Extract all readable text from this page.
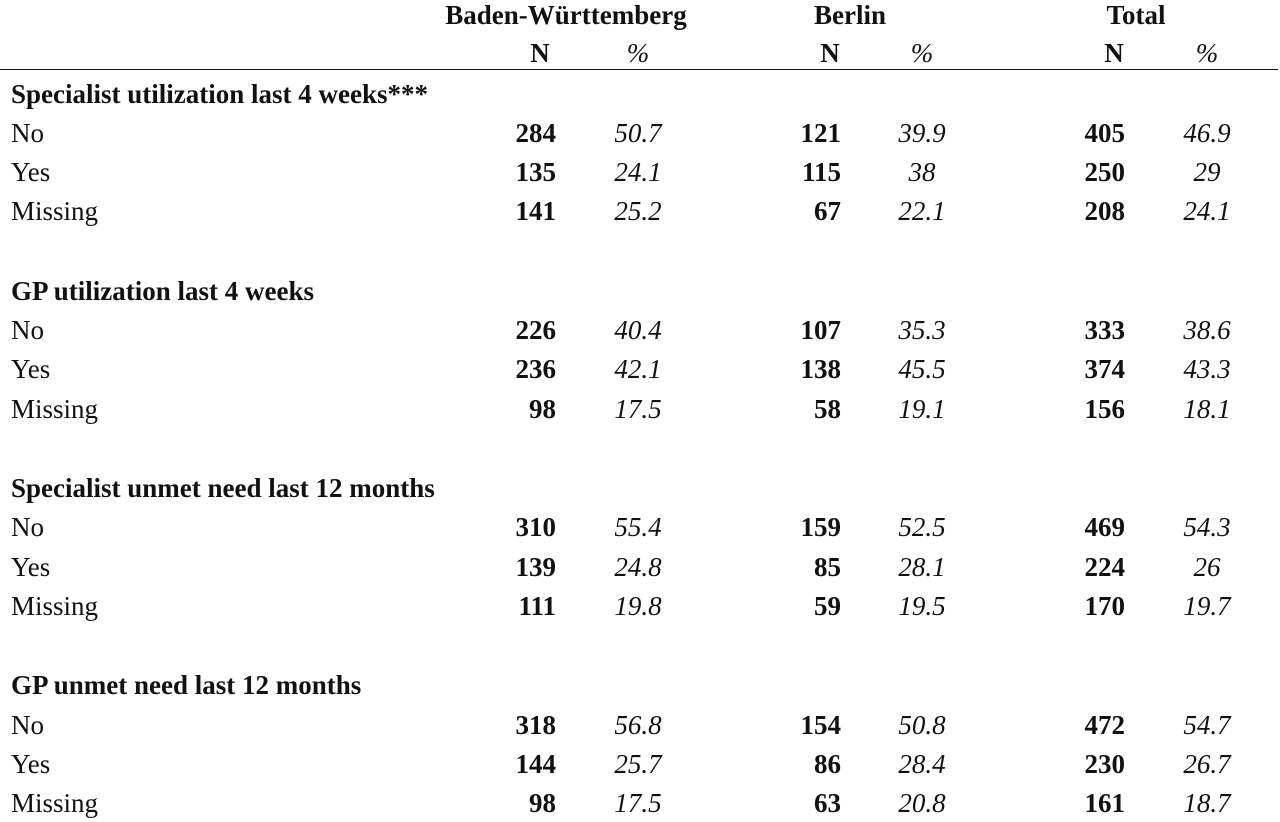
Baden-Württemberg	Berlin	Total
N	%	N	%	N	%
Specialist utilization last 4 weeks***
No	284	50.7	121	39.9	405	46.9
Yes	135	24.1	115	38	250	29
Missing	141	25.2	67	22.1	208	24.1
GP utilization last 4 weeks
No	226	40.4	107	35.3	333	38.6
Yes	236	42.1	138	45.5	374	43.3
Missing	98	17.5	58	19.1	156	18.1
Specialist unmet need last 12 months
No	310	55.4	159	52.5	469	54.3
Yes	139	24.8	85	28.1	224	26
Missing	111	19.8	59	19.5	170	19.7
GP unmet need last 12 months
No	318	56.8	154	50.8	472	54.7
Yes	144	25.7	86	28.4	230	26.7
Missing	98	17.5	63	20.8	161	18.7
